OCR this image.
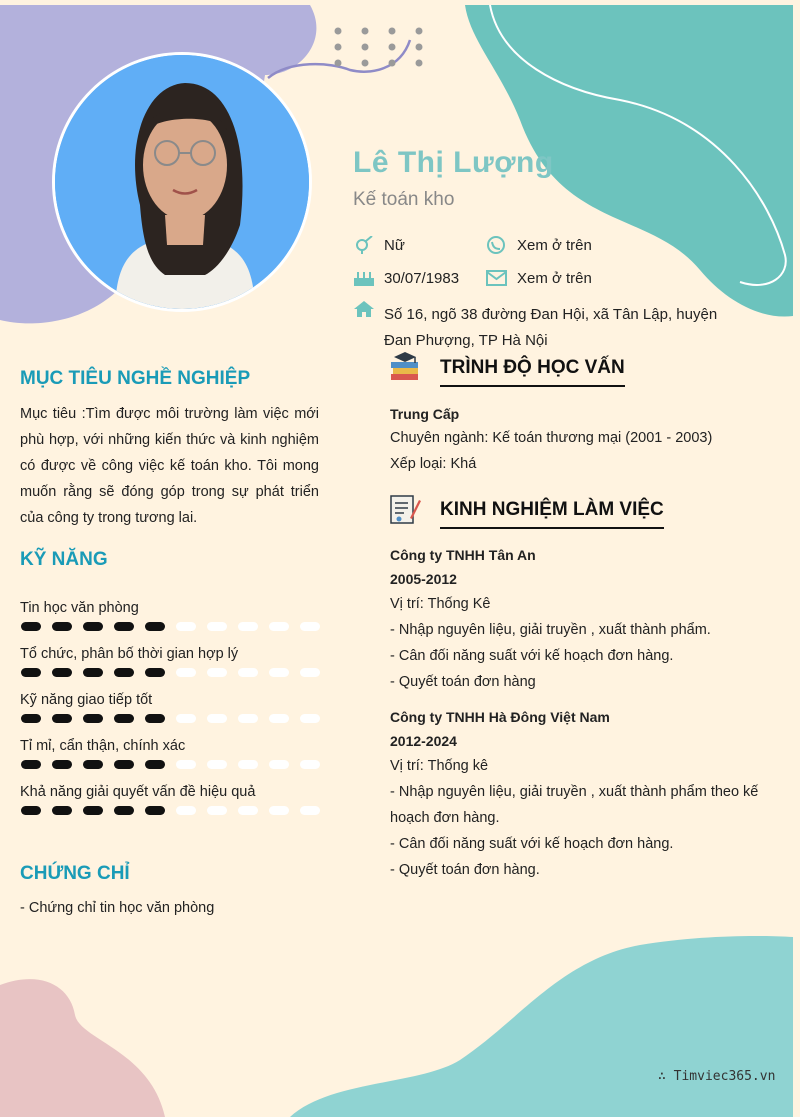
Lê Thị Lượng
Kế toán kho
Nữ	Xem ở trên
30/07/1983	Xem ở trên
Số 16, ngõ 38 đường Đan Hội, xã Tân Lập, huyện Đan Phượng, TP Hà Nội
MỤC TIÊU NGHỀ NGHIỆP
Mục tiêu :Tìm được môi trường làm việc mới phù hợp, với những kiến thức và kinh nghiệm có được về công việc kế toán kho. Tôi mong muốn rằng sẽ đóng góp trong sự phát triển của công ty trong tương lai.
KỸ NĂNG
Tin học văn phòng
Tổ chức, phân bố thời gian hợp lý
Kỹ năng giao tiếp tốt
Tỉ mỉ, cẩn thận, chính xác
Khả năng giải quyết vấn đề hiệu quả
CHỨNG CHỈ
- Chứng chỉ tin học văn phòng
TRÌNH ĐỘ HỌC VẤN
Trung Cấp
Chuyên ngành: Kế toán thương mại (2001 - 2003)
Xếp loại: Khá
KINH NGHIỆM LÀM VIỆC
Công ty TNHH Tân An
2005-2012
Vị trí: Thống Kê
- Nhập nguyên liệu, giải truyền , xuất thành phẩm.
- Cân đối năng suất với kế hoạch đơn hàng.
- Quyết toán đơn hàng
Công ty TNHH Hà Đông Việt Nam
2012-2024
Vị trí: Thống kê
- Nhập nguyên liệu, giải truyền , xuất thành phẩm theo kế hoạch đơn hàng.
- Cân đối năng suất với kế hoạch đơn hàng.
- Quyết toán đơn hàng.
∴ Timviec365.vn
